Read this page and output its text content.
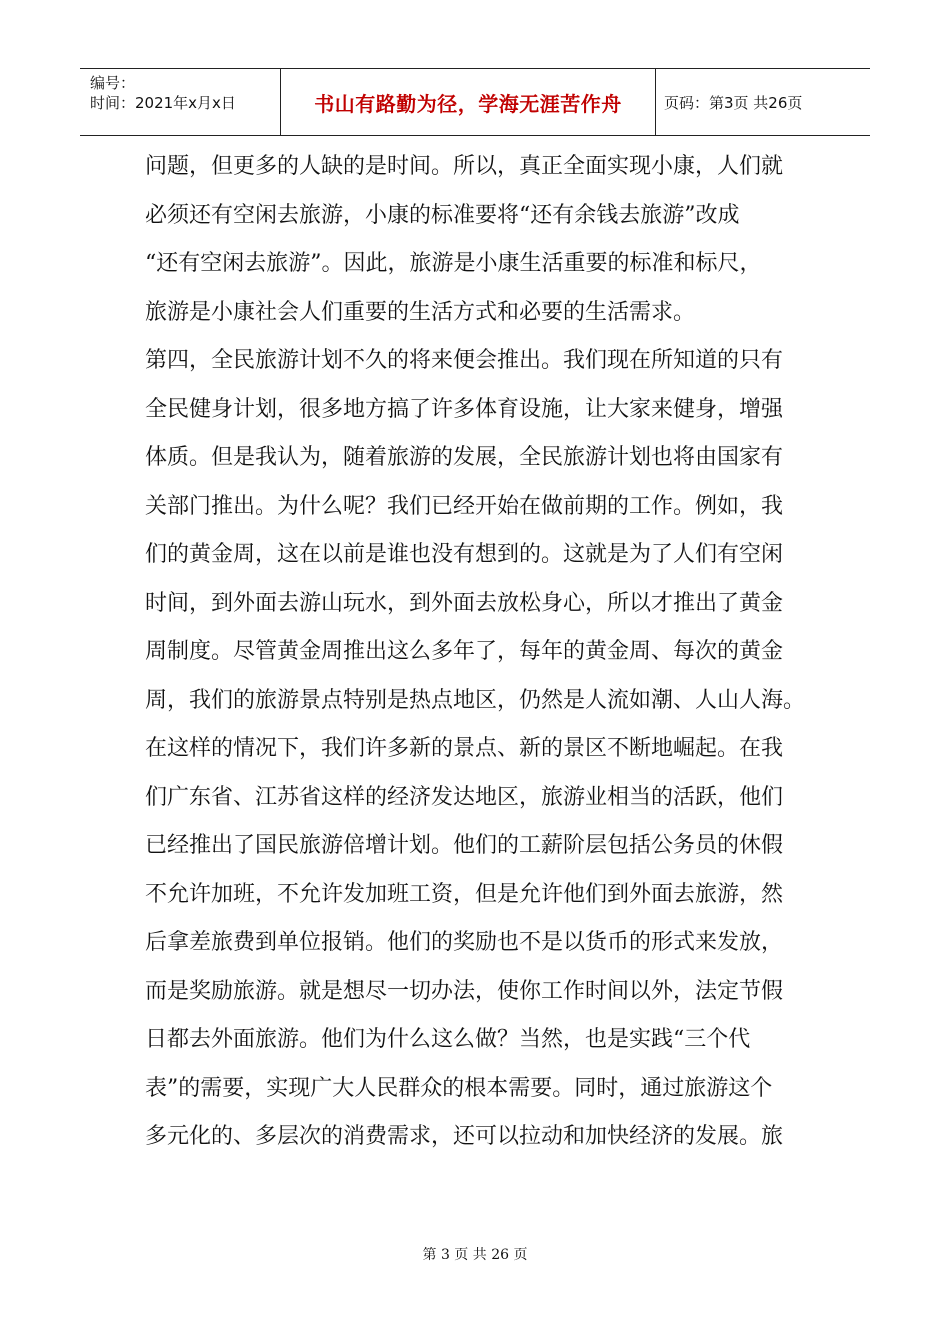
编号：
时间：2021年x月x日	书山有路勤为径，学海无涯苦作舟	页码：第3页 共26页
问题，但更多的人缺的是时间。所以，真正全面实现小康，人们就
必须还有空闲去旅游，小康的标准要将“还有余钱去旅游”改成
“还有空闲去旅游”。因此，旅游是小康生活重要的标准和标尺，
旅游是小康社会人们重要的生活方式和必要的生活需求。
第四，全民旅游计划不久的将来便会推出。我们现在所知道的只有
全民健身计划，很多地方搞了许多体育设施，让大家来健身，增强
体质。但是我认为，随着旅游的发展，全民旅游计划也将由国家有
关部门推出。为什么呢？我们已经开始在做前期的工作。例如，我
们的黄金周，这在以前是谁也没有想到的。这就是为了人们有空闲
时间，到外面去游山玩水，到外面去放松身心，所以才推出了黄金
周制度。尽管黄金周推出这么多年了，每年的黄金周、每次的黄金
周，我们的旅游景点特别是热点地区，仍然是人流如潮、人山人海。
在这样的情况下，我们许多新的景点、新的景区不断地崛起。在我
们广东省、江苏省这样的经济发达地区，旅游业相当的活跃，他们
已经推出了国民旅游倍增计划。他们的工薪阶层包括公务员的休假
不允许加班，不允许发加班工资，但是允许他们到外面去旅游，然
后拿差旅费到单位报销。他们的奖励也不是以货币的形式来发放，
而是奖励旅游。就是想尽一切办法，使你工作时间以外，法定节假
日都去外面旅游。他们为什么这么做？当然，也是实践“三个代
表”的需要，实现广大人民群众的根本需要。同时，通过旅游这个
多元化的、多层次的消费需求，还可以拉动和加快经济的发展。旅
第 3 页 共 26 页
